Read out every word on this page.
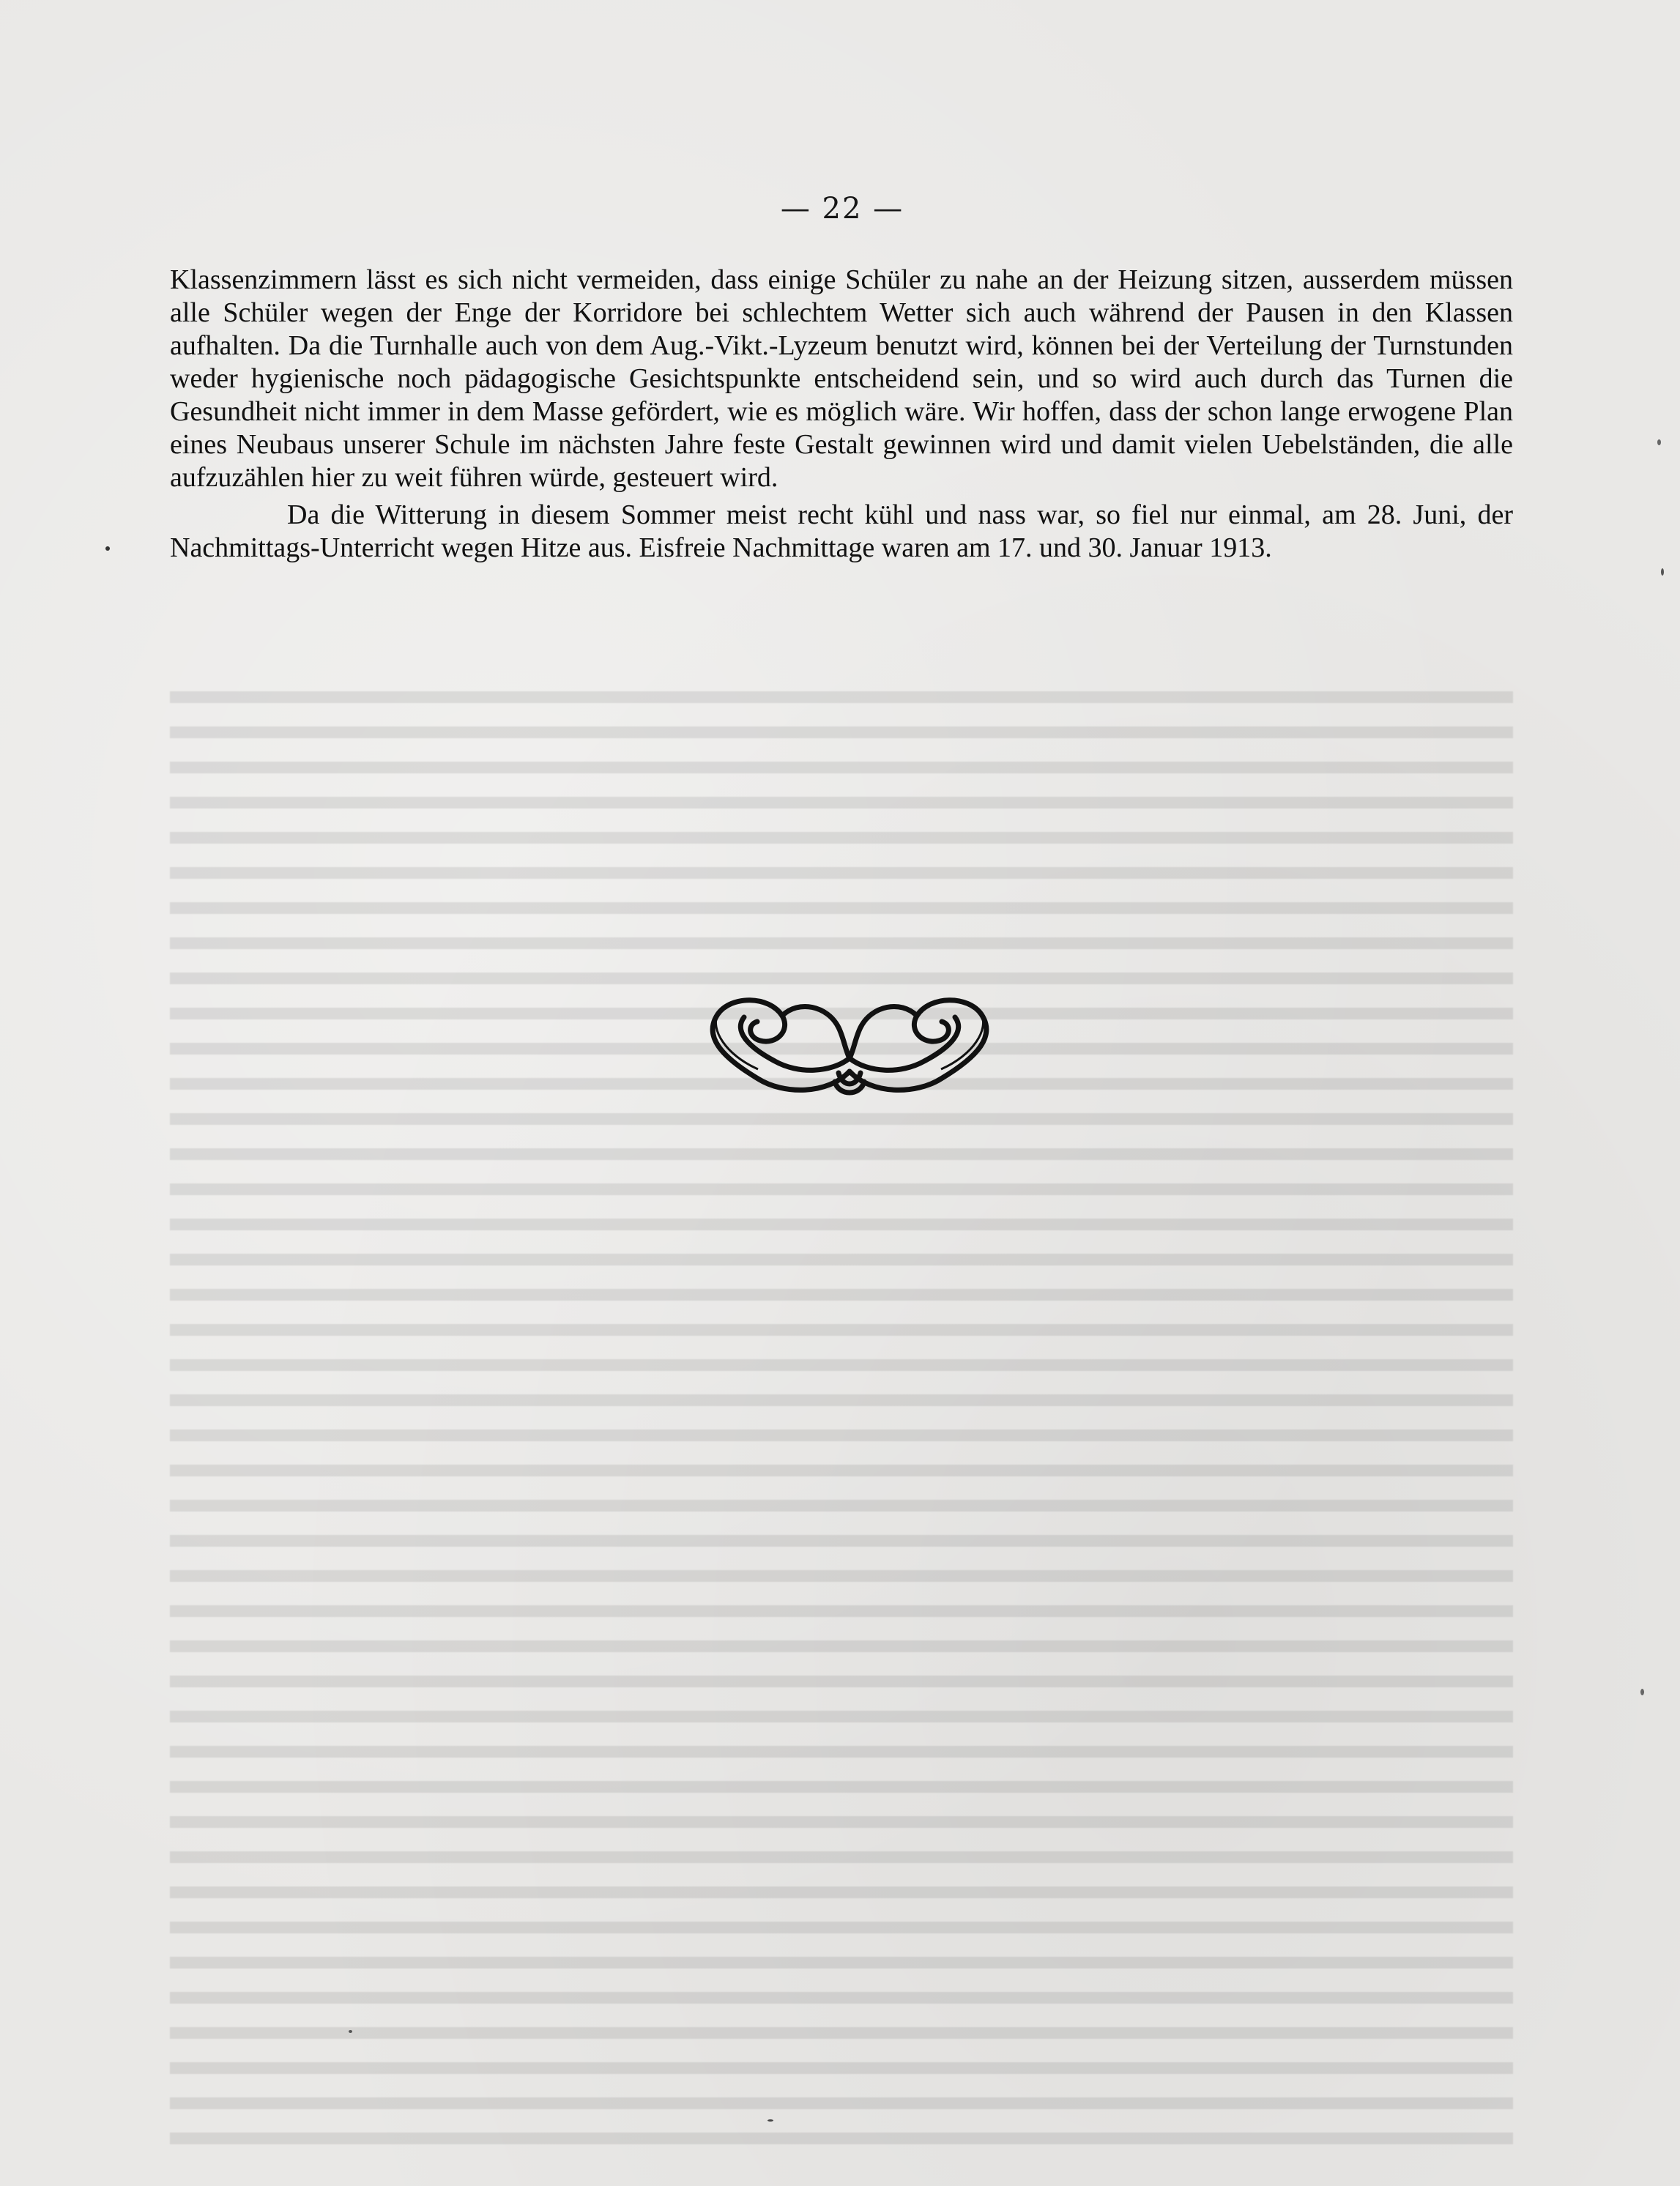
— 22 —

Klassenzimmern lässt es sich nicht vermeiden, dass einige Schüler zu nahe an der Heizung sitzen, ausserdem müssen alle Schüler wegen der Enge der Korridore bei schlechtem Wetter sich auch während der Pausen in den Klassen aufhalten. Da die Turnhalle auch von dem Aug.-Vikt.-Lyzeum benutzt wird, können bei der Verteilung der Turnstunden weder hygienische noch pädagogische Gesichtspunkte entscheidend sein, und so wird auch durch das Turnen die Gesundheit nicht immer in dem Masse gefördert, wie es möglich wäre. Wir hoffen, dass der schon lange erwogene Plan eines Neubaus unserer Schule im nächsten Jahre feste Gestalt gewinnen wird und damit vielen Uebelständen, die alle aufzuzählen hier zu weit führen würde, gesteuert wird.

Da die Witterung in diesem Sommer meist recht kühl und nass war, so fiel nur einmal, am 28. Juni, der Nachmittags-Unterricht wegen Hitze aus. Eisfreie Nachmittage waren am 17. und 30. Januar 1913.
